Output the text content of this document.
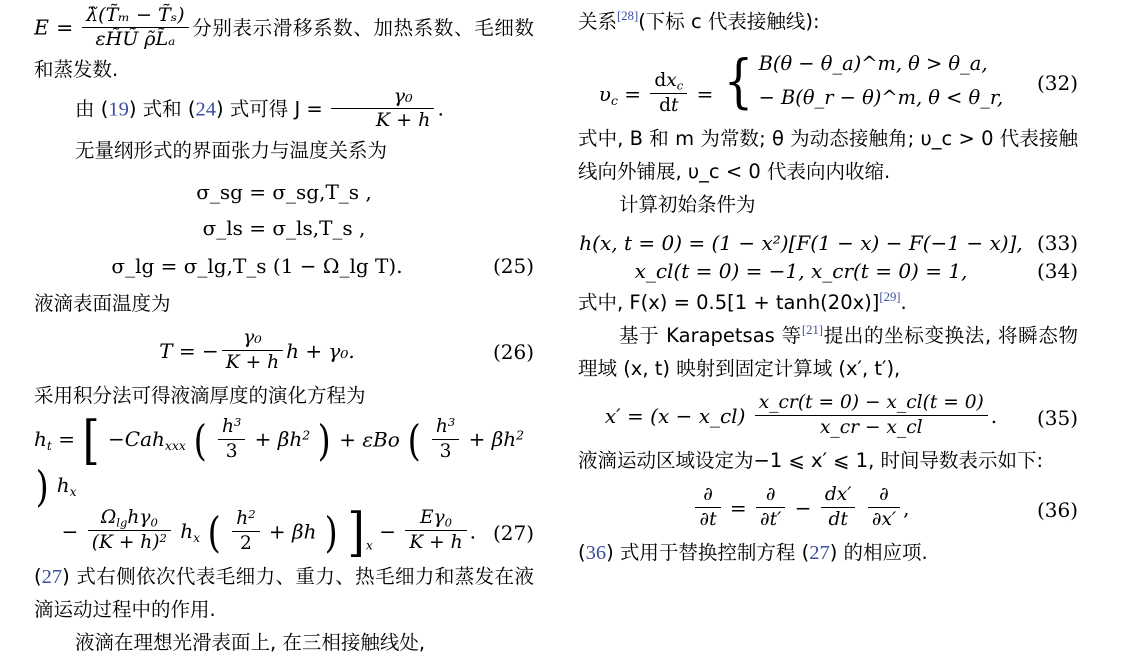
$E = \frac{\text{λ̃(T̃ₘ − T̃ₛ)}}{\text{εH̃Ũ ρ̃L̃ₐ}}$ 分别表示滑移系数、加热系数、毛细数和蒸发数.
由 (19) 式和 (24) 式可得 $J = \frac{\text{γ₀}}{K + h}$ .
无量纲形式的界面张力与温度关系为
σ_sg = σ_sg,T_s ,
σ_ls = σ_ls,T_s ,
σ_lg = σ_lg,T_s (1 − Ω_lg T).	(25)
液滴表面温度为
T = − $\frac{\text{γ₀}}{K + h}$ h + γ₀.	(26)
采用积分法可得液滴厚度的演化方程为
$h_t$ = [ −Cah$_{xxx}$ ( $\frac{h^3}{3} + \beta h^2$ ) + εBo ( $\frac{h^3}{3} + \beta h^2$ ) $h_x$
− $\frac{\Omega_{lg}h\gamma_0}{(K + h)^2} h_x$ ( $\frac{h^2}{2} + \beta h$ ) ] $_x - \frac{E\gamma_0}{K + h}$ . (27)
(27) 式右侧依次代表毛细力、重力、热毛细力和蒸发在液滴运动过程中的作用.
液滴在理想光滑表面上, 在三相接触线处,
关系[28](下标 c 代表接触线):
$\upsilon_c = \frac{dx_c}{dt}$ = { B(θ − θ_a)^m, θ > θ_a,
− B(θ_r − θ)^m, θ < θ_r,
(32)
式中, B 和 m 为常数; θ 为动态接触角; υ_c > 0 代表接触线向外铺展, υ_c < 0 代表向内收缩.
计算初始条件为
h(x, t = 0) = (1 − x²)[F(1 − x) − F(−1 − x)], (33)
x_cl(t = 0) = −1, x_cr(t = 0) = 1,	(34)
式中, F(x) = 0.5[1 + tanh(20x)][29].
基于 Karapetsas 等[21]提出的坐标变换法, 将瞬态物理域 (x, t) 映射到固定计算域 (x′, t′),
x′ = (x − x_cl) $\frac{x\_cr(t = 0) - x\_cl(t = 0)}{x\_cr - x\_cl}$ .	(35)
液滴运动区域设定为−1 ⩽ x′ ⩽ 1, 时间导数表示如下:
$\frac{\partial}{\partial t} = \frac{\partial}{\partial t'} - \frac{dx'}{dt}$
$\frac{\partial}{\partial x'}$ ,	(36)
(36) 式用于替换控制方程 (27) 的相应项.
